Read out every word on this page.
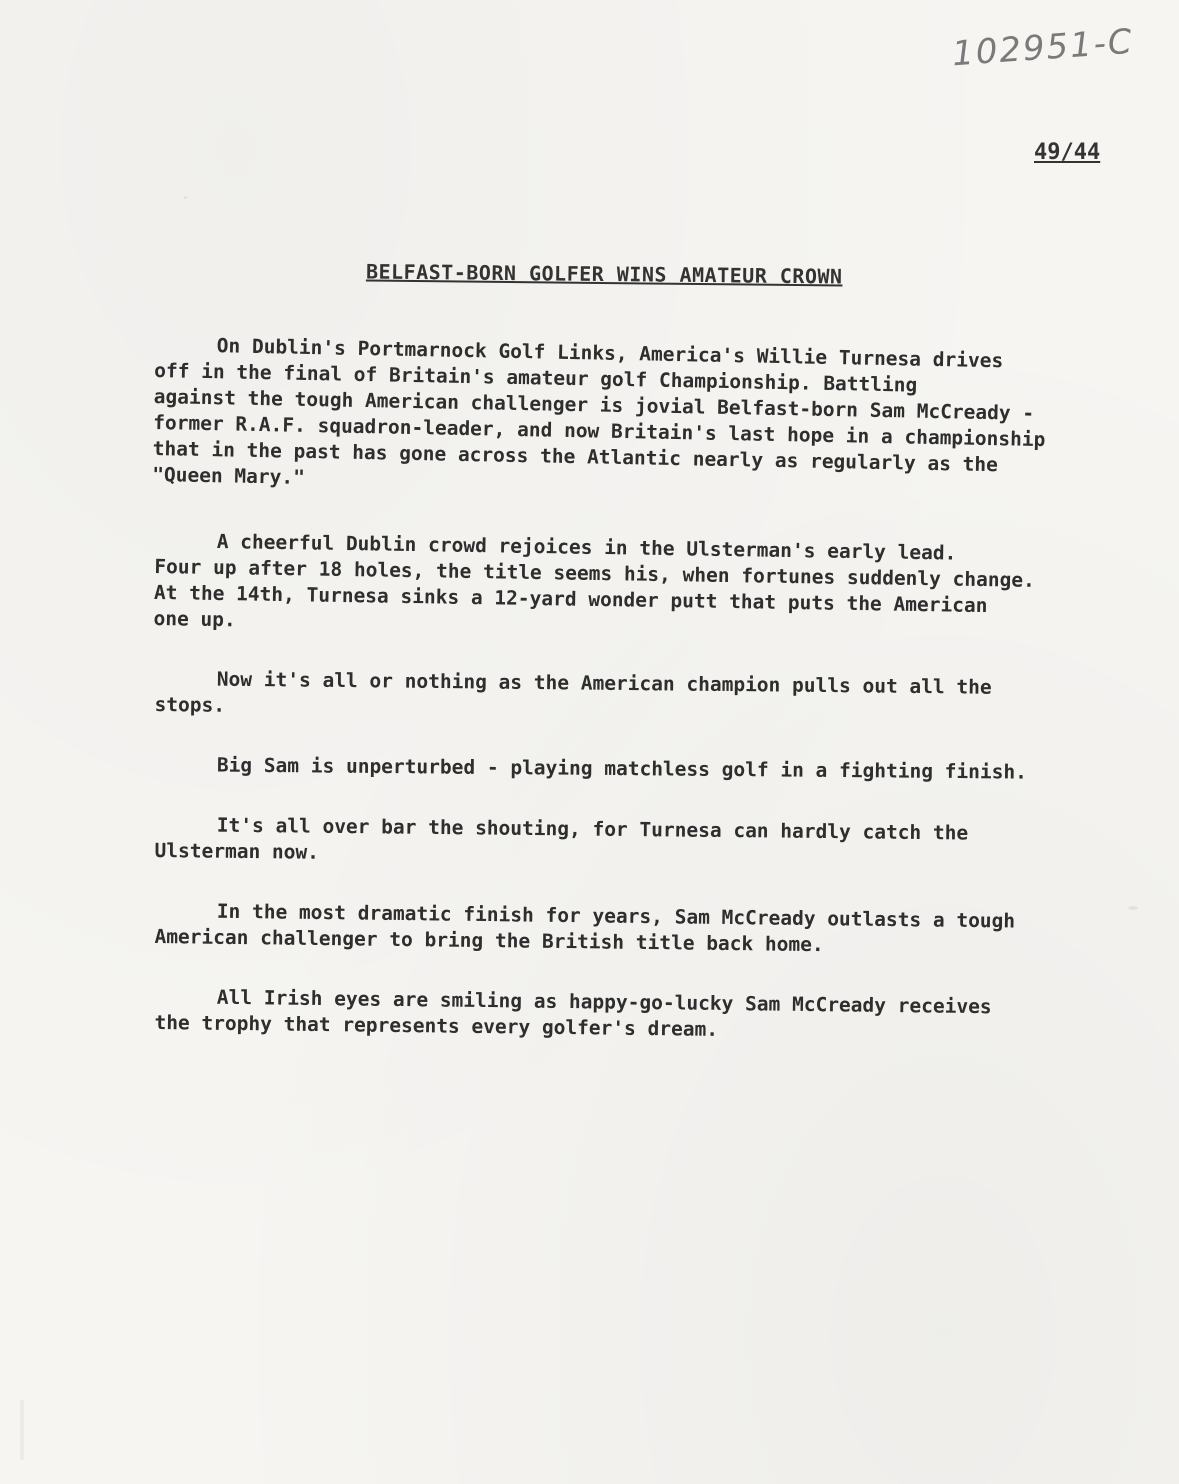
102951-C
49/44
BELFAST-BORN GOLFER WINS AMATEUR CROWN

On Dublin's Portmarnock Golf Links, America's Willie Turnesa drives
off in the final of Britain's amateur golf Championship. Battling
against the tough American challenger is jovial Belfast-born Sam McCready -
former R.A.F. squadron-leader, and now Britain's last hope in a championship
that in the past has gone across the Atlantic nearly as regularly as the
"Queen Mary."

A cheerful Dublin crowd rejoices in the Ulsterman's early lead.
Four up after 18 holes, the title seems his, when fortunes suddenly change.
At the 14th, Turnesa sinks a 12-yard wonder putt that puts the American
one up.

Now it's all or nothing as the American champion pulls out all the
stops.

Big Sam is unperturbed - playing matchless golf in a fighting finish.

It's all over bar the shouting, for Turnesa can hardly catch the
Ulsterman now.

In the most dramatic finish for years, Sam McCready outlasts a tough
American challenger to bring the British title back home.

All Irish eyes are smiling as happy-go-lucky Sam McCready receives
the trophy that represents every golfer's dream.
